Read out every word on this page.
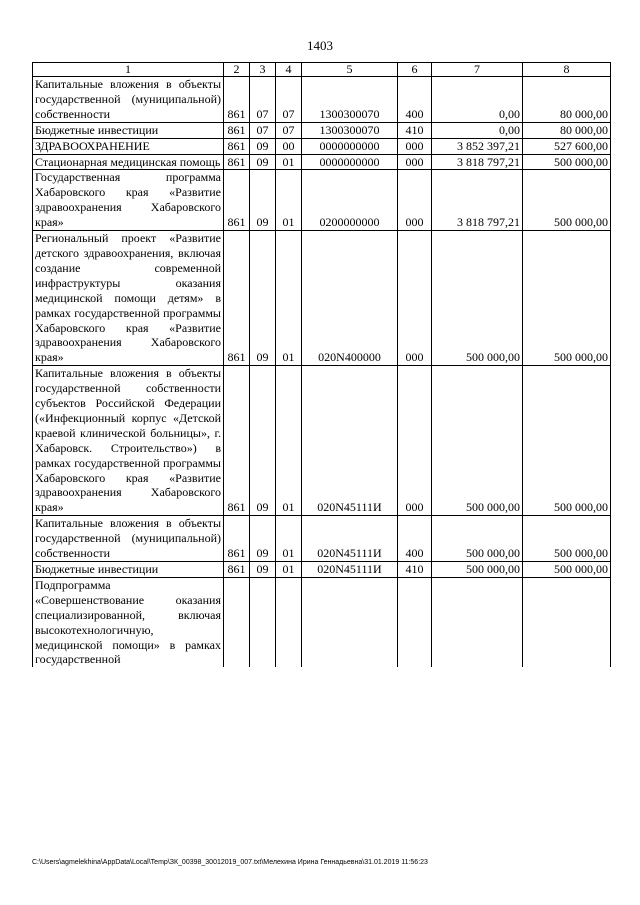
1403
1	2	3	4	5	6	7	8
Капитальные вложения в объекты государственной (муниципальной) собственности	861	07	07	1300300070	400	0,00	80 000,00
Бюджетные инвестиции	861	07	07	1300300070	410	0,00	80 000,00
ЗДРАВООХРАНЕНИЕ	861	09	00	0000000000	000	3 852 397,21	527 600,00
Стационарная медицинская помощь	861	09	01	0000000000	000	3 818 797,21	500 000,00
Государственная программа Хабаровского края «Развитие здравоохранения Хабаровского края»	861	09	01	0200000000	000	3 818 797,21	500 000,00
Региональный проект «Развитие детского здравоохранения, включая создание современной инфраструктуры оказания медицинской помощи детям» в рамках государственной программы Хабаровского края «Развитие здравоохранения Хабаровского края»	861	09	01	020N400000	000	500 000,00	500 000,00
Капитальные вложения в объекты государственной собственности субъектов Российской Федерации («Инфекционный корпус «Детской краевой клинической больницы», г. Хабаровск. Строительство») в рамках государственной программы Хабаровского края «Развитие здравоохранения Хабаровского края»	861	09	01	020N45111И	000	500 000,00	500 000,00
Капитальные вложения в объекты государственной (муниципальной) собственности	861	09	01	020N45111И	400	500 000,00	500 000,00
Бюджетные инвестиции	861	09	01	020N45111И	410	500 000,00	500 000,00
Подпрограмма «Совершенствование оказания специализированной, включая высокотехнологичную, медицинской помощи» в рамках государственной							
C:\Users\agmelekhina\AppData\Local\Temp\ЗК_00398_30012019_007.txt\Мелехина Ирина Геннадьевна\31.01.2019 11:56:23
